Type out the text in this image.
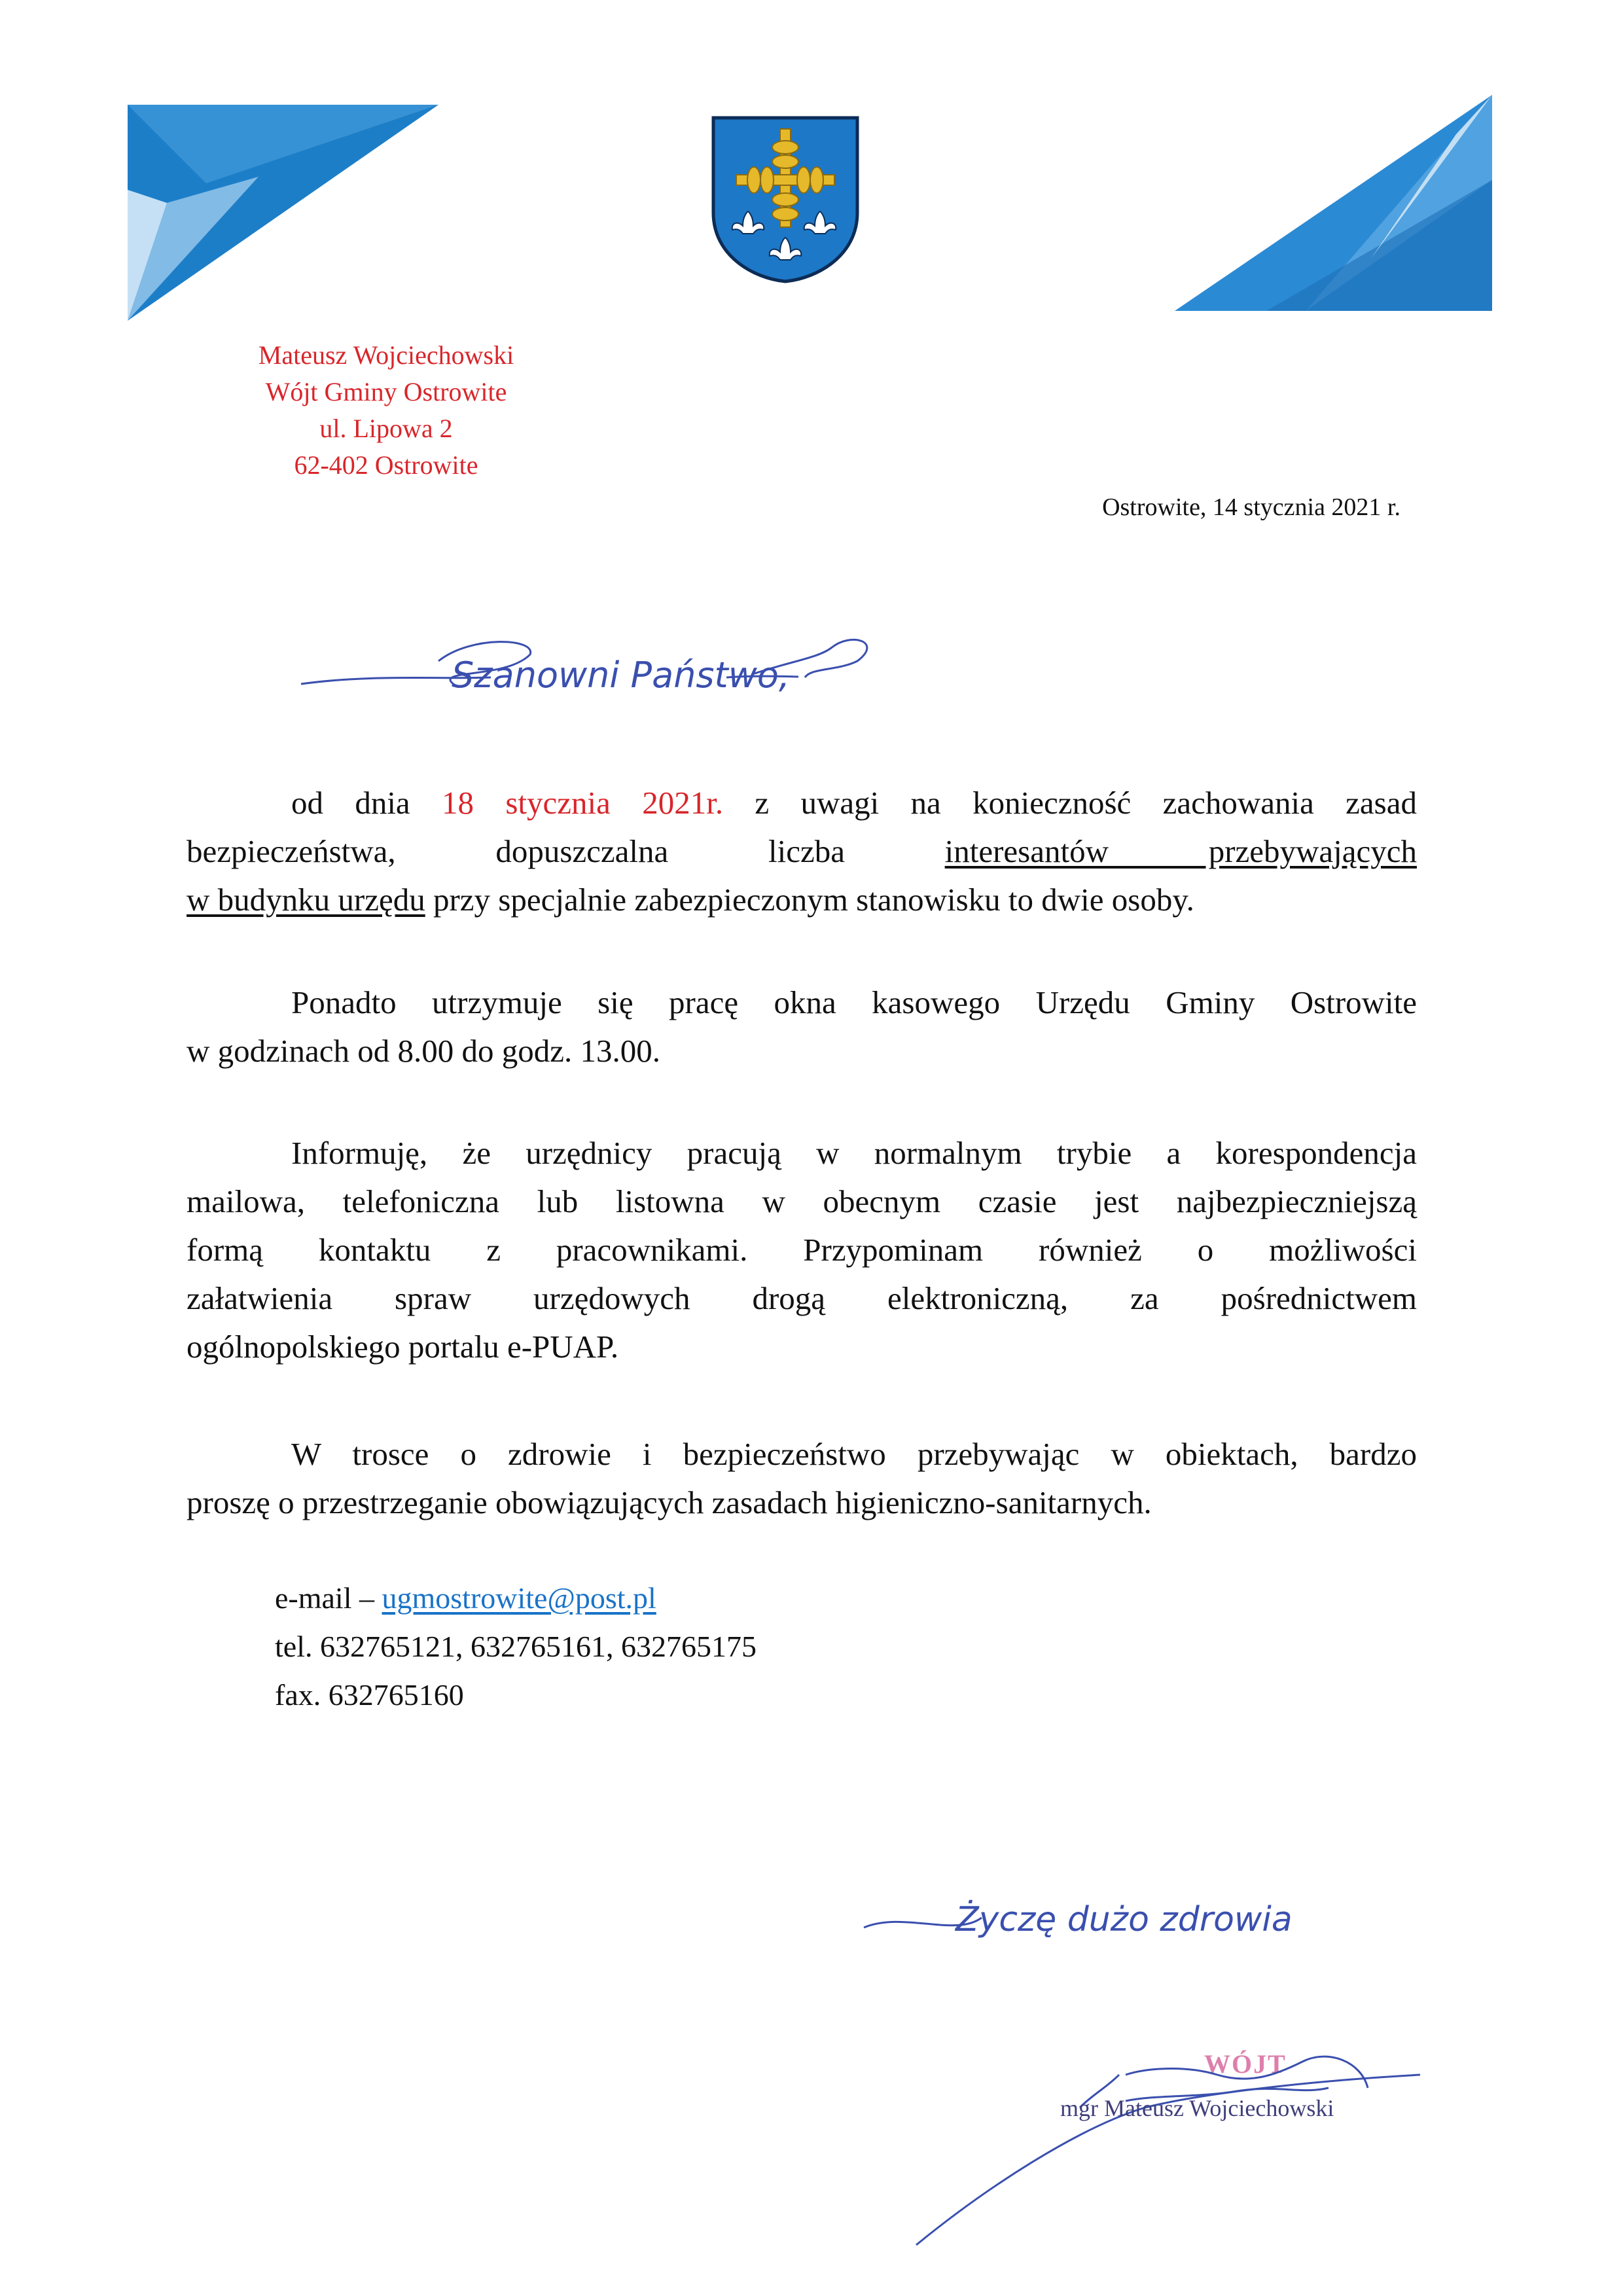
Mateusz Wojciechowski
Wójt Gminy Ostrowite
ul. Lipowa 2
62-402 Ostrowite
Ostrowite, 14 stycznia 2021 r.
Szanowni Państwo,
od dnia 18 stycznia 2021r. z uwagi na konieczność zachowania zasad
bezpieczeństwa, dopuszczalna liczba interesantów przebywających
w budynku urzędu przy specjalnie zabezpieczonym stanowisku to dwie osoby.
Ponadto utrzymuje się pracę okna kasowego Urzędu Gminy Ostrowite
w godzinach od 8.00 do godz. 13.00.
Informuję, że urzędnicy pracują w normalnym trybie a korespondencja
mailowa, telefoniczna lub listowna w obecnym czasie jest najbezpieczniejszą
formą kontaktu z pracownikami. Przypominam również o możliwości
załatwienia spraw urzędowych drogą elektroniczną, za pośrednictwem
ogólnopolskiego portalu e-PUAP.
W trosce o zdrowie i bezpieczeństwo przebywając w obiektach, bardzo
proszę o przestrzeganie obowiązujących zasadach higieniczno-sanitarnych.
e-mail – ugmostrowite@post.pl
tel. 632765121, 632765161, 632765175
fax. 632765160
Życzę dużo zdrowia
WÓJT
mgr Mateusz Wojciechowski
